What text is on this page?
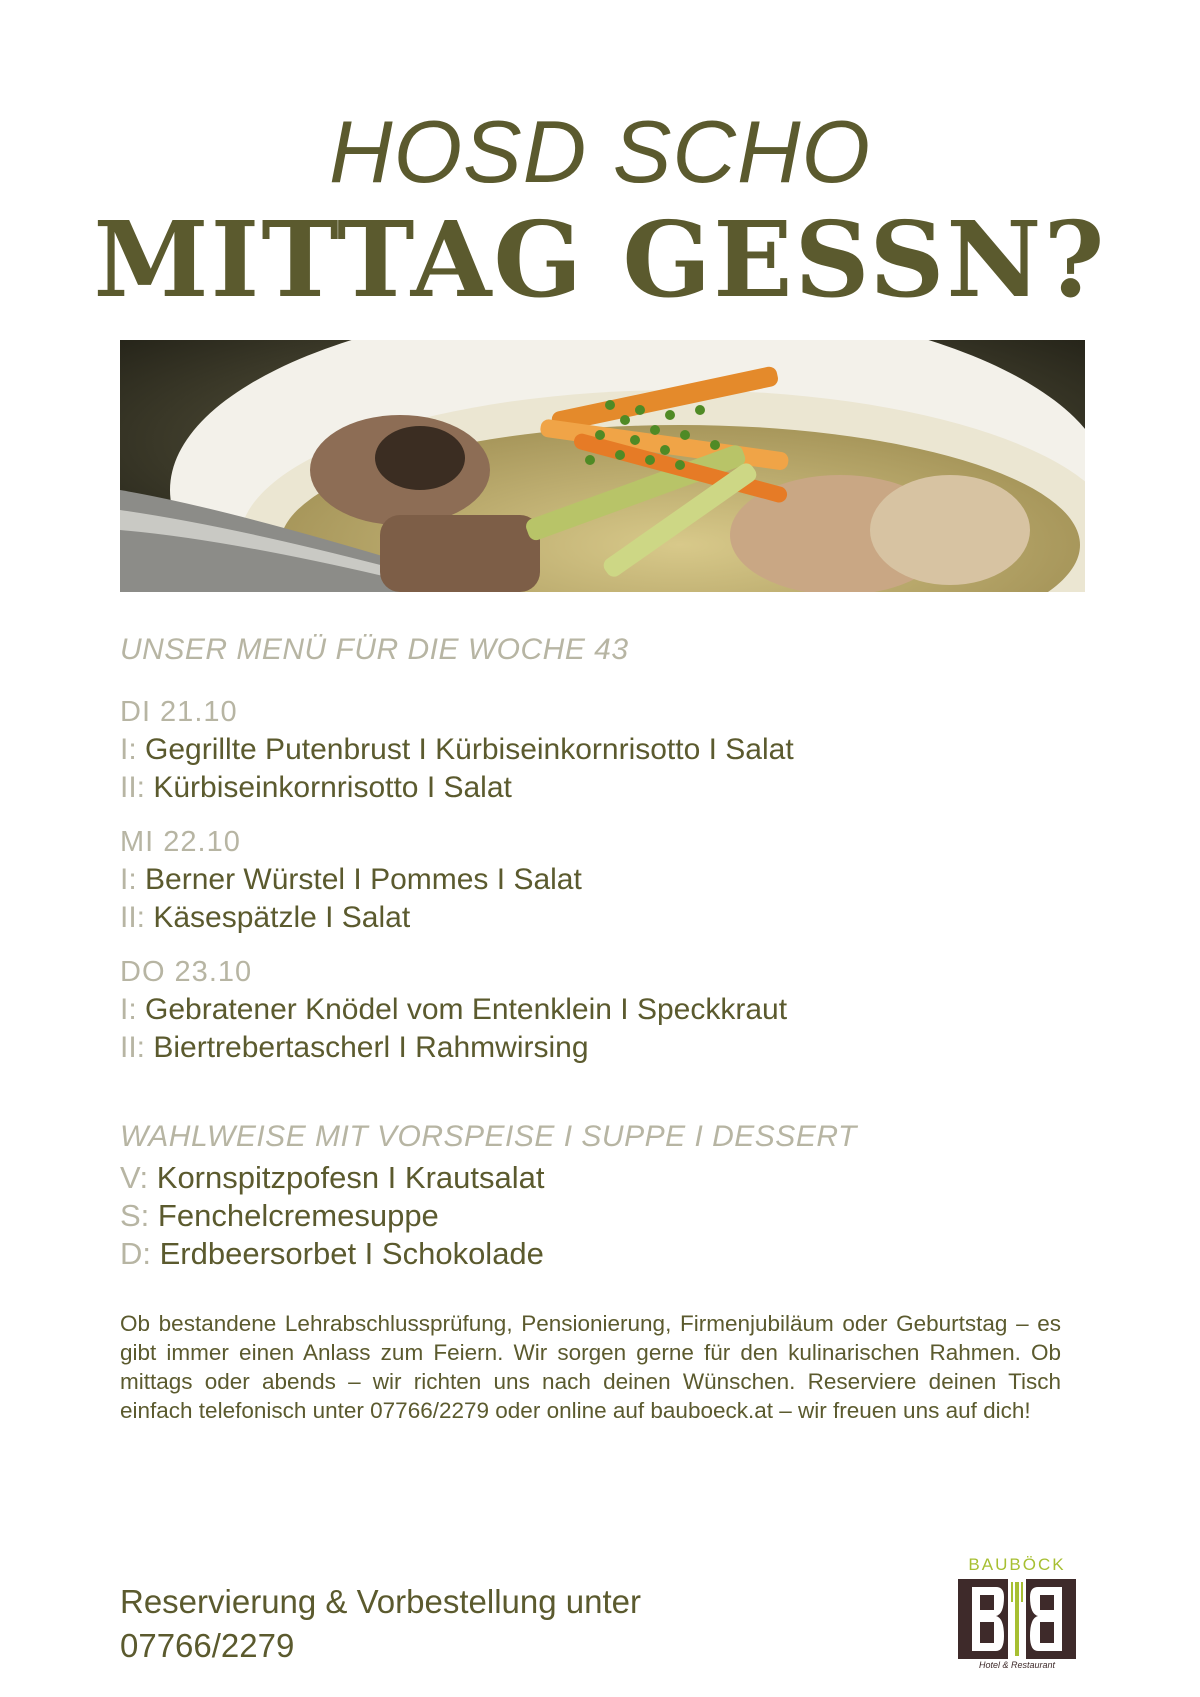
HOSD SCHO
MITTAG GESSN?
UNSER MENÜ FÜR DIE WOCHE 43
DI 21.10
I: Gegrillte Putenbrust I Kürbiseinkornrisotto I Salat
II: Kürbiseinkornrisotto I Salat
MI 22.10
I: Berner Würstel I Pommes I Salat
II: Käsespätzle I Salat
DO 23.10
I: Gebratener Knödel vom Entenklein I Speckkraut
II: Biertrebertascherl I Rahmwirsing
WAHLWEISE MIT VORSPEISE I SUPPE I DESSERT
V: Kornspitzpofesn I Krautsalat
S: Fenchelcremesuppe
D: Erdbeersorbet I Schokolade
Ob bestandene Lehrabschlussprüfung, Pensionierung, Firmenjubiläum oder Geburtstag – es gibt immer einen Anlass zum Feiern. Wir sorgen gerne für den kulinarischen Rahmen. Ob mittags oder abends – wir richten uns nach deinen Wünschen. Reserviere deinen Tisch einfach telefonisch unter 07766/2279 oder online auf bauboeck.at – wir freuen uns auf dich!
Reservierung & Vorbestellung unter
07766/2279
BAUBÖCK
Hotel & Restaurant
